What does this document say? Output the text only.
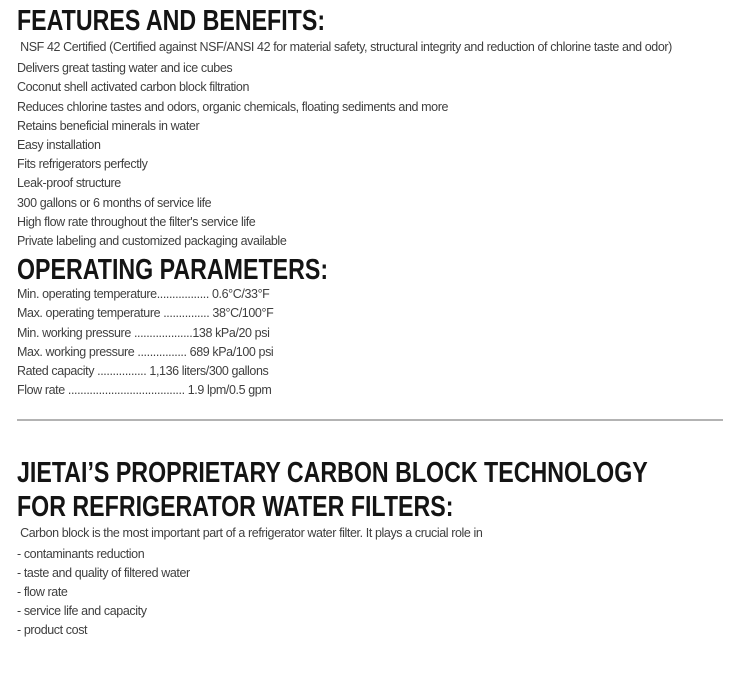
FEATURES AND BENEFITS:

NSF 42 Certified (Certified against NSF/ANSI 42 for material safety, structural integrity and reduction of chlorine taste and odor)

Delivers great tasting water and ice cubes

Coconut shell activated carbon block filtration

Reduces chlorine tastes and odors, organic chemicals, floating sediments and more

Retains beneficial minerals in water

Easy installation

Fits refrigerators perfectly

Leak-proof structure

300 gallons or 6 months of service life

High flow rate throughout the filter's service life

Private labeling and customized packaging available

OPERATING PARAMETERS:
Min. operating temperature................. 0.6°C/33°F
Max. operating temperature ............... 38°C/100°F
Min. working pressure ...................138 kPa/20 psi
Max. working pressure ................ 689 kPa/100 psi
Rated capacity ................ 1,136 liters/300 gallons
Flow rate ...................................... 1.9 lpm/0.5 gpm
JIETAI’S PROPRIETARY CARBON BLOCK TECHNOLOGY
FOR REFRIGERATOR WATER FILTERS:

Carbon block is the most important part of a refrigerator water filter. It plays a crucial role in

- contaminants reduction

- taste and quality of filtered water

- flow rate

- service life and capacity

- product cost
